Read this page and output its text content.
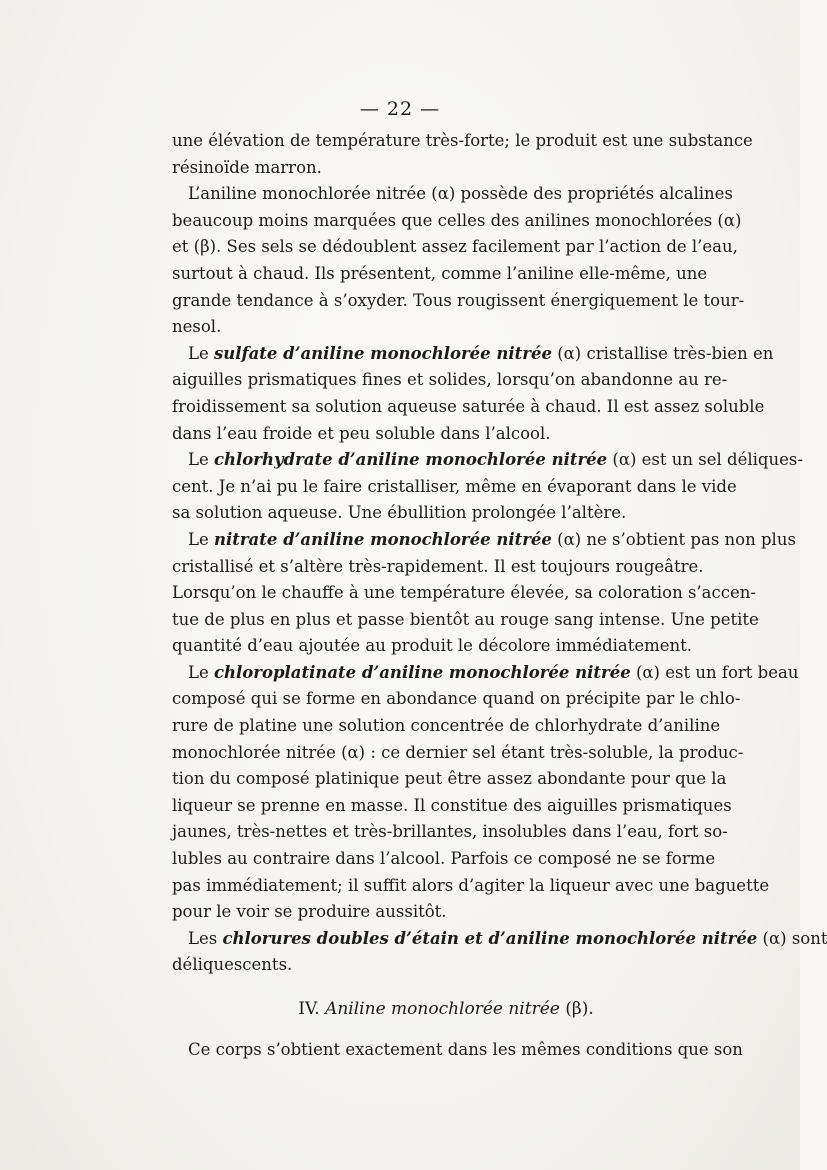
— 22 —
une élévation de température très-forte; le produit est une substance
résinoïde marron.
L’aniline monochlorée nitrée (α) possède des propriétés alcalines
beaucoup moins marquées que celles des anilines monochlorées (α)
et (β). Ses sels se dédoublent assez facilement par l’action de l’eau,
surtout à chaud. Ils présentent, comme l’aniline elle-même, une
grande tendance à s’oxyder. Tous rougissent énergiquement le tour-
nesol.
Le sulfate d’aniline monochlorée nitrée (α) cristallise très-bien en
aiguilles prismatiques fines et solides, lorsqu’on abandonne au re-
froidissement sa solution aqueuse saturée à chaud. Il est assez soluble
dans l’eau froide et peu soluble dans l’alcool.
Le chlorhydrate d’aniline monochlorée nitrée (α) est un sel déliques-
cent. Je n’ai pu le faire cristalliser, même en évaporant dans le vide
sa solution aqueuse. Une ébullition prolongée l’altère.
Le nitrate d’aniline monochlorée nitrée (α) ne s’obtient pas non plus
cristallisé et s’altère très-rapidement. Il est toujours rougeâtre.
Lorsqu’on le chauffe à une température élevée, sa coloration s’accen-
tue de plus en plus et passe bientôt au rouge sang intense. Une petite
quantité d’eau ajoutée au produit le décolore immédiatement.
Le chloroplatinate d’aniline monochlorée nitrée (α) est un fort beau
composé qui se forme en abondance quand on précipite par le chlo-
rure de platine une solution concentrée de chlorhydrate d’aniline
monochlorée nitrée (α) : ce dernier sel étant très-soluble, la produc-
tion du composé platinique peut être assez abondante pour que la
liqueur se prenne en masse. Il constitue des aiguilles prismatiques
jaunes, très-nettes et très-brillantes, insolubles dans l’eau, fort so-
lubles au contraire dans l’alcool. Parfois ce composé ne se forme
pas immédiatement; il suffit alors d’agiter la liqueur avec une baguette
pour le voir se produire aussitôt.
Les chlorures doubles d’étain et d’aniline monochlorée nitrée (α) sont
déliquescents.
IV. Aniline monochlorée nitrée (β).
Ce corps s’obtient exactement dans les mêmes conditions que son
